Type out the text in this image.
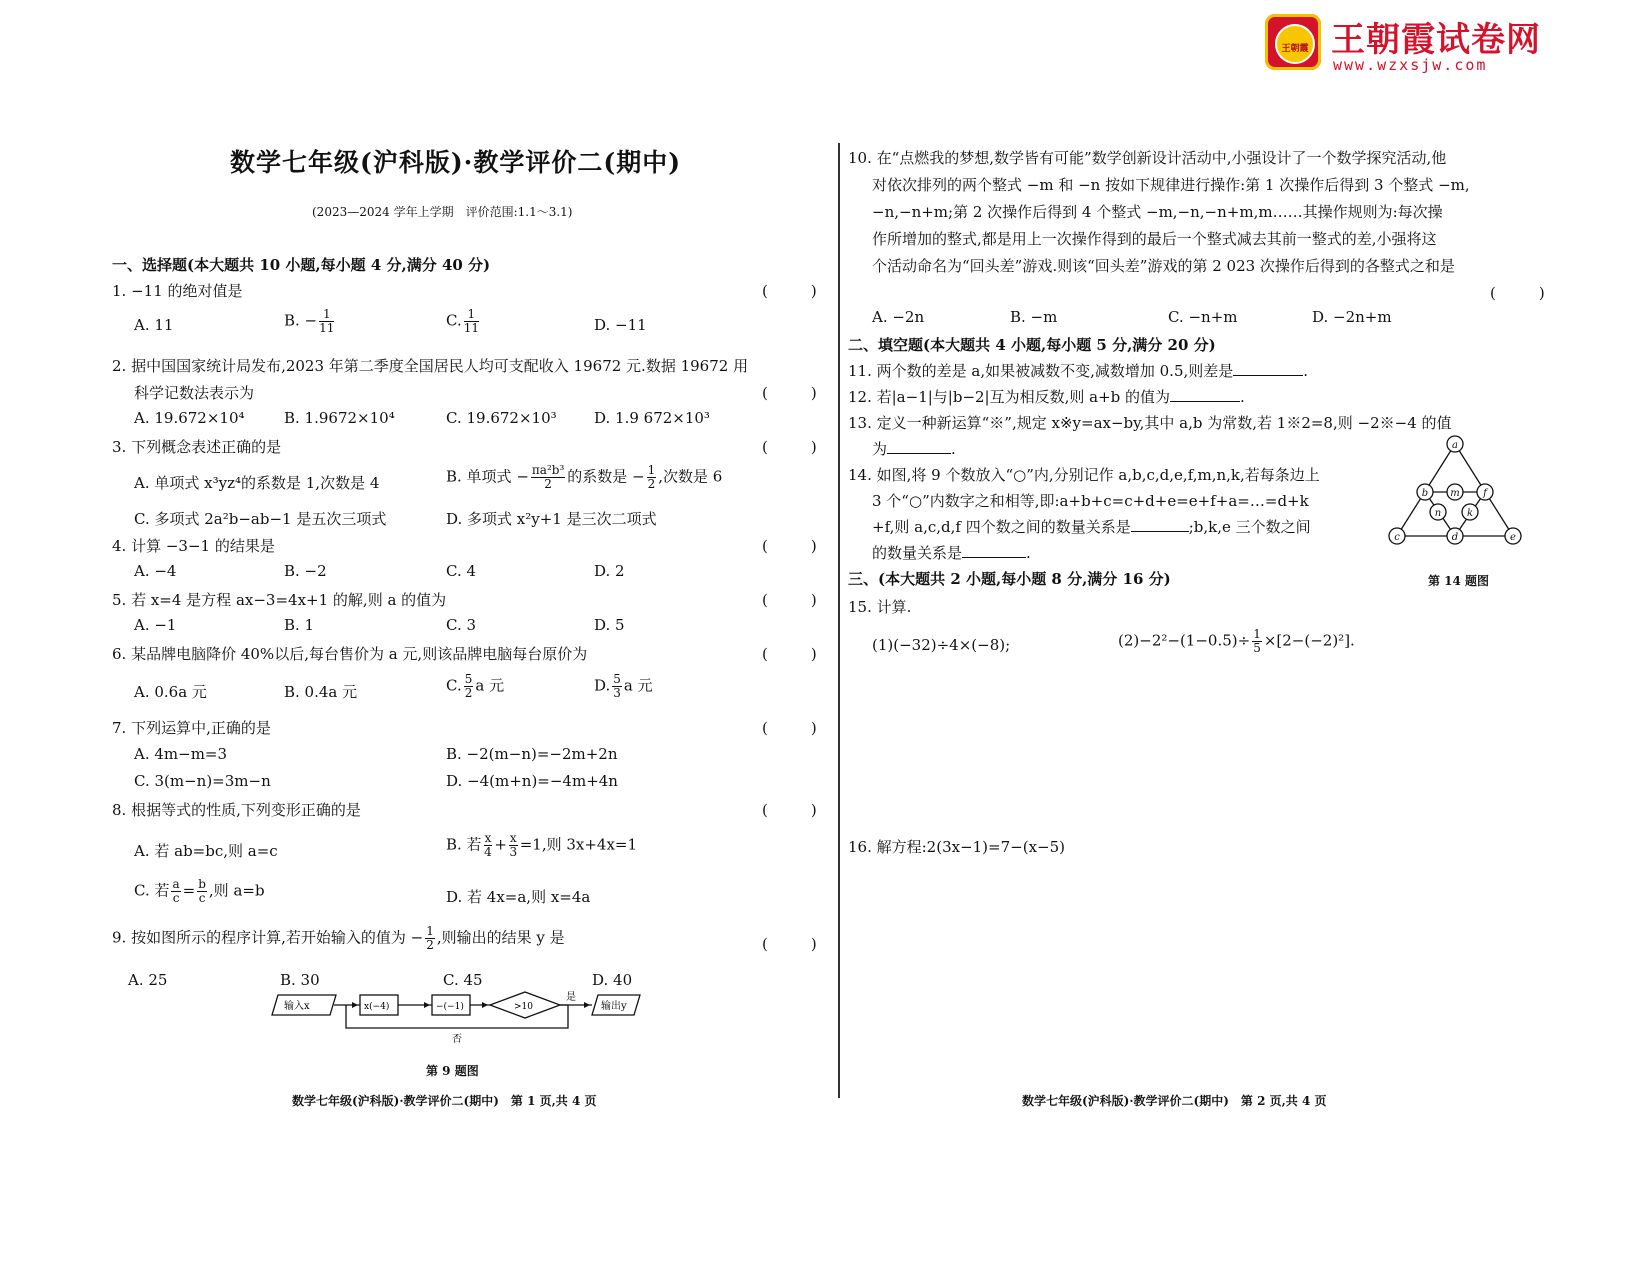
王朝霞 王朝霞试卷网
www.wzxsjw.com
数学七年级(沪科版)·教学评价二(期中)
(2023—2024 学年上学期　评价范围:1.1～3.1)
一、选择题(本大题共 10 小题,每小题 4 分,满分 40 分)
1. −11 的绝对值是	(　)
A. 11	B. − $\frac{1}{11}$	C. $\frac{1}{11}$	D. −11
2. 据中国国家统计局发布,2023 年第二季度全国居民人均可支配收入 19672 元.数据 19672 用
科学记数法表示为	(　)
A. 19.672×10⁴	B. 1.9672×10⁴	C. 19.672×10³ D. 1.9 672×10³
3. 下列概念表述正确的是	(　)
A. 单项式 x³yz⁴的系数是 1,次数是 4	B. 单项式 − $\frac{\text{πa²b³}}{2}$ 的系数是 − $\frac{1}{2}$ ,次数是 6
C. 多项式 2a²b−ab−1 是五次三项式	D. 多项式 x²y+1 是三次二项式
4. 计算 −3−1 的结果是	(　)
A. −4	B. −2	C. 4	D. 2
5. 若 x=4 是方程 ax−3=4x+1 的解,则 a 的值为	(　)
A. −1	B. 1	C. 3	D. 5
6. 某品牌电脑降价 40%以后,每台售价为 a 元,则该品牌电脑每台原价为	(　)
A. 0.6a 元	B. 0.4a 元	C. $\frac{5}{2}$ a 元	D. $\frac{5}{3}$ a 元
7. 下列运算中,正确的是	(　)
A. 4m−m=3	B. −2(m−n)=−2m+2n
C. 3(m−n)=3m−n	D. −4(m+n)=−4m+4n
8. 根据等式的性质,下列变形正确的是	(　)
A. 若 ab=bc,则 a=c	B. 若 $\frac{x}{4} + \frac{x}{3} =1$,则 3x+4x=1
C. 若 $\frac{a}{c} = \frac{b}{c}$ ,则 a=b	D. 若 4x=a,则 x=4a
9. 按如图所示的程序计算,若开始输入的值为 − $\frac{1}{2}$ ,则输出的结果 y 是	(　)
A. 25	B. 30	C. 45	D. 40
输入x	x(−4)	−(−1)	>10
是
否
输出y
第 9 题图
10. 在“点燃我的梦想,数学皆有可能”数学创新设计活动中,小强设计了一个数学探究活动,他
对依次排列的两个整式 −m 和 −n 按如下规律进行操作:第 1 次操作后得到 3 个整式 −m,
−n,−n+m;第 2 次操作后得到 4 个整式 −m,−n,−n+m,m……其操作规则为:每次操
作所增加的整式,都是用上一次操作得到的最后一个整式减去其前一整式的差,小强将这
个活动命名为“回头差”游戏.则该“回头差”游戏的第 2 023 次操作后得到的各整式之和是
(　)
A. −2n	B. −m	C. −n+m	D. −2n+m
二、填空题(本大题共 4 小题,每小题 5 分,满分 20 分)
11. 两个数的差是 a,如果被减数不变,减数增加 0.5,则差是	.
12. 若|a−1|与|b−2|互为相反数,则 a+b 的值为	.
13. 定义一种新运算“※”,规定 x※y=ax−by,其中 a,b 为常数,若 1※2=8,则 −2※−4 的值
为	.
14. 如图,将 9 个数放入“○”内,分别记作 a,b,c,d,e,f,m,n,k,若每条边上
3 个“○”内数字之和相等,即:a+b+c=c+d+e=e+f+a=…=d+k
+f,则 a,c,d,f 四个数之间的数量关系是	;b,k,e 三个数之间
的数量关系是	.
a
b m f
n	k
c	d	e
第 14 题图
三、(本大题共 2 小题,每小题 8 分,满分 16 分)
15. 计算.
(1)(−32)÷4×(−8);	$(2)-2^2-(1-0.5)\div \frac{1}{5} \times[2-(-2)^2]$.
16. 解方程:2(3x−1)=7−(x−5)
数学七年级(沪科版)·教学评价二(期中)　第 1 页,共 4 页	数学七年级(沪科版)·教学评价二(期中)　第 2 页,共 4 页
